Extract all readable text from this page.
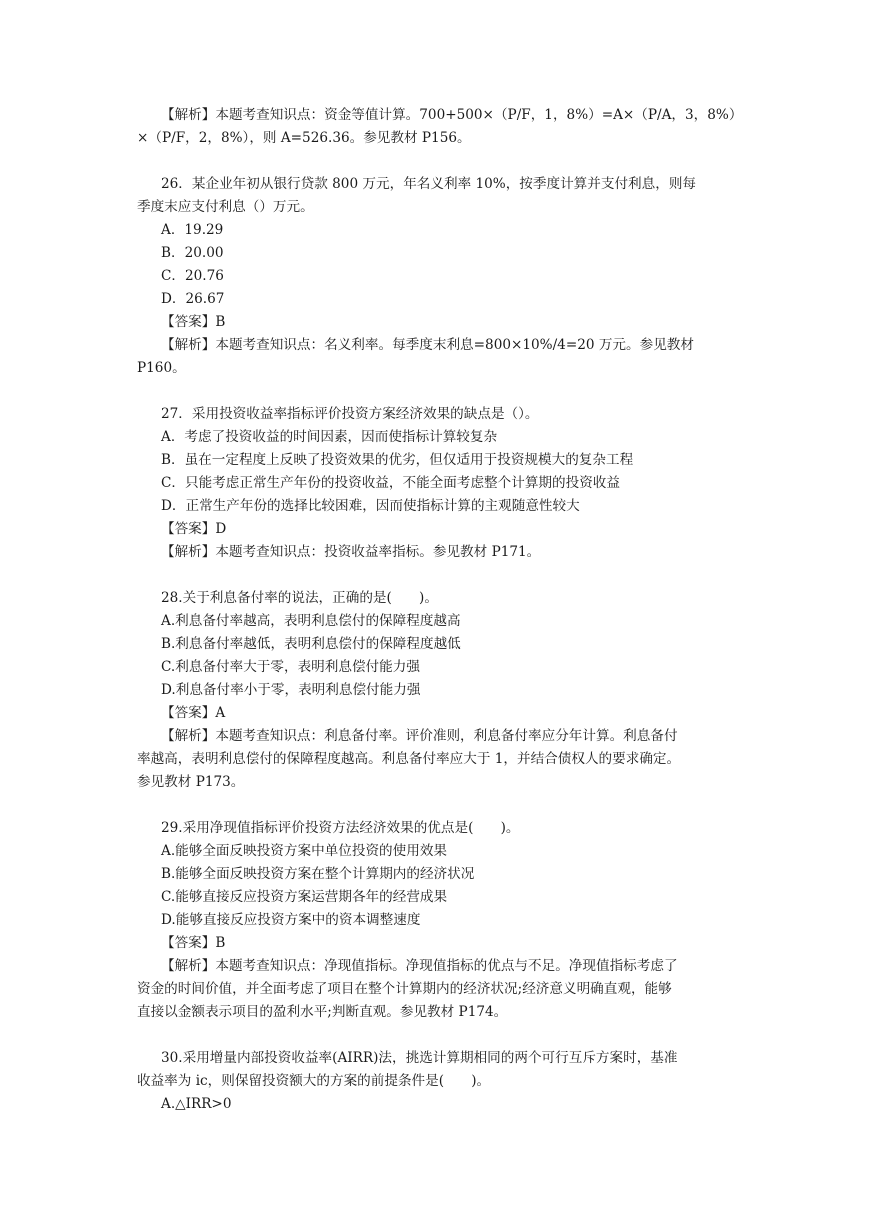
【解析】本题考查知识点：资金等值计算。700+500×（P/F，1，8%）=A×（P/A，3，8%）
×（P/F，2，8%），则 A=526.36。参见教材 P156。
26．某企业年初从银行贷款 800 万元，年名义利率 10%，按季度计算并支付利息，则每
季度末应支付利息（）万元。
A．19.29
B．20.00
C．20.76
D．26.67
【答案】B
【解析】本题考查知识点：名义利率。每季度末利息=800×10%/4=20 万元。参见教材
P160。
27．采用投资收益率指标评价投资方案经济效果的缺点是（）。
A．考虑了投资收益的时间因素，因而使指标计算较复杂
B．虽在一定程度上反映了投资效果的优劣，但仅适用于投资规模大的复杂工程
C．只能考虑正常生产年份的投资收益，不能全面考虑整个计算期的投资收益
D．正常生产年份的选择比较困难，因而使指标计算的主观随意性较大
【答案】D
【解析】本题考查知识点：投资收益率指标。参见教材 P171。
28.关于利息备付率的说法，正确的是(　　)。
A.利息备付率越高，表明利息偿付的保障程度越高
B.利息备付率越低，表明利息偿付的保障程度越低
C.利息备付率大于零，表明利息偿付能力强
D.利息备付率小于零，表明利息偿付能力强
【答案】A
【解析】本题考查知识点：利息备付率。评价准则，利息备付率应分年计算。利息备付
率越高，表明利息偿付的保障程度越高。利息备付率应大于 1，并结合债权人的要求确定。
参见教材 P173。
29.采用净现值指标评价投资方法经济效果的优点是(　　)。
A.能够全面反映投资方案中单位投资的使用效果
B.能够全面反映投资方案在整个计算期内的经济状况
C.能够直接反应投资方案运营期各年的经营成果
D.能够直接反应投资方案中的资本调整速度
【答案】B
【解析】本题考查知识点：净现值指标。净现值指标的优点与不足。净现值指标考虑了
资金的时间价值，并全面考虑了项目在整个计算期内的经济状况;经济意义明确直观，能够
直接以金额表示项目的盈利水平;判断直观。参见教材 P174。
30.采用增量内部投资收益率(AIRR)法，挑选计算期相同的两个可行互斥方案时，基准
收益率为 ic，则保留投资额大的方案的前提条件是(　　)。
A.△IRR>0
